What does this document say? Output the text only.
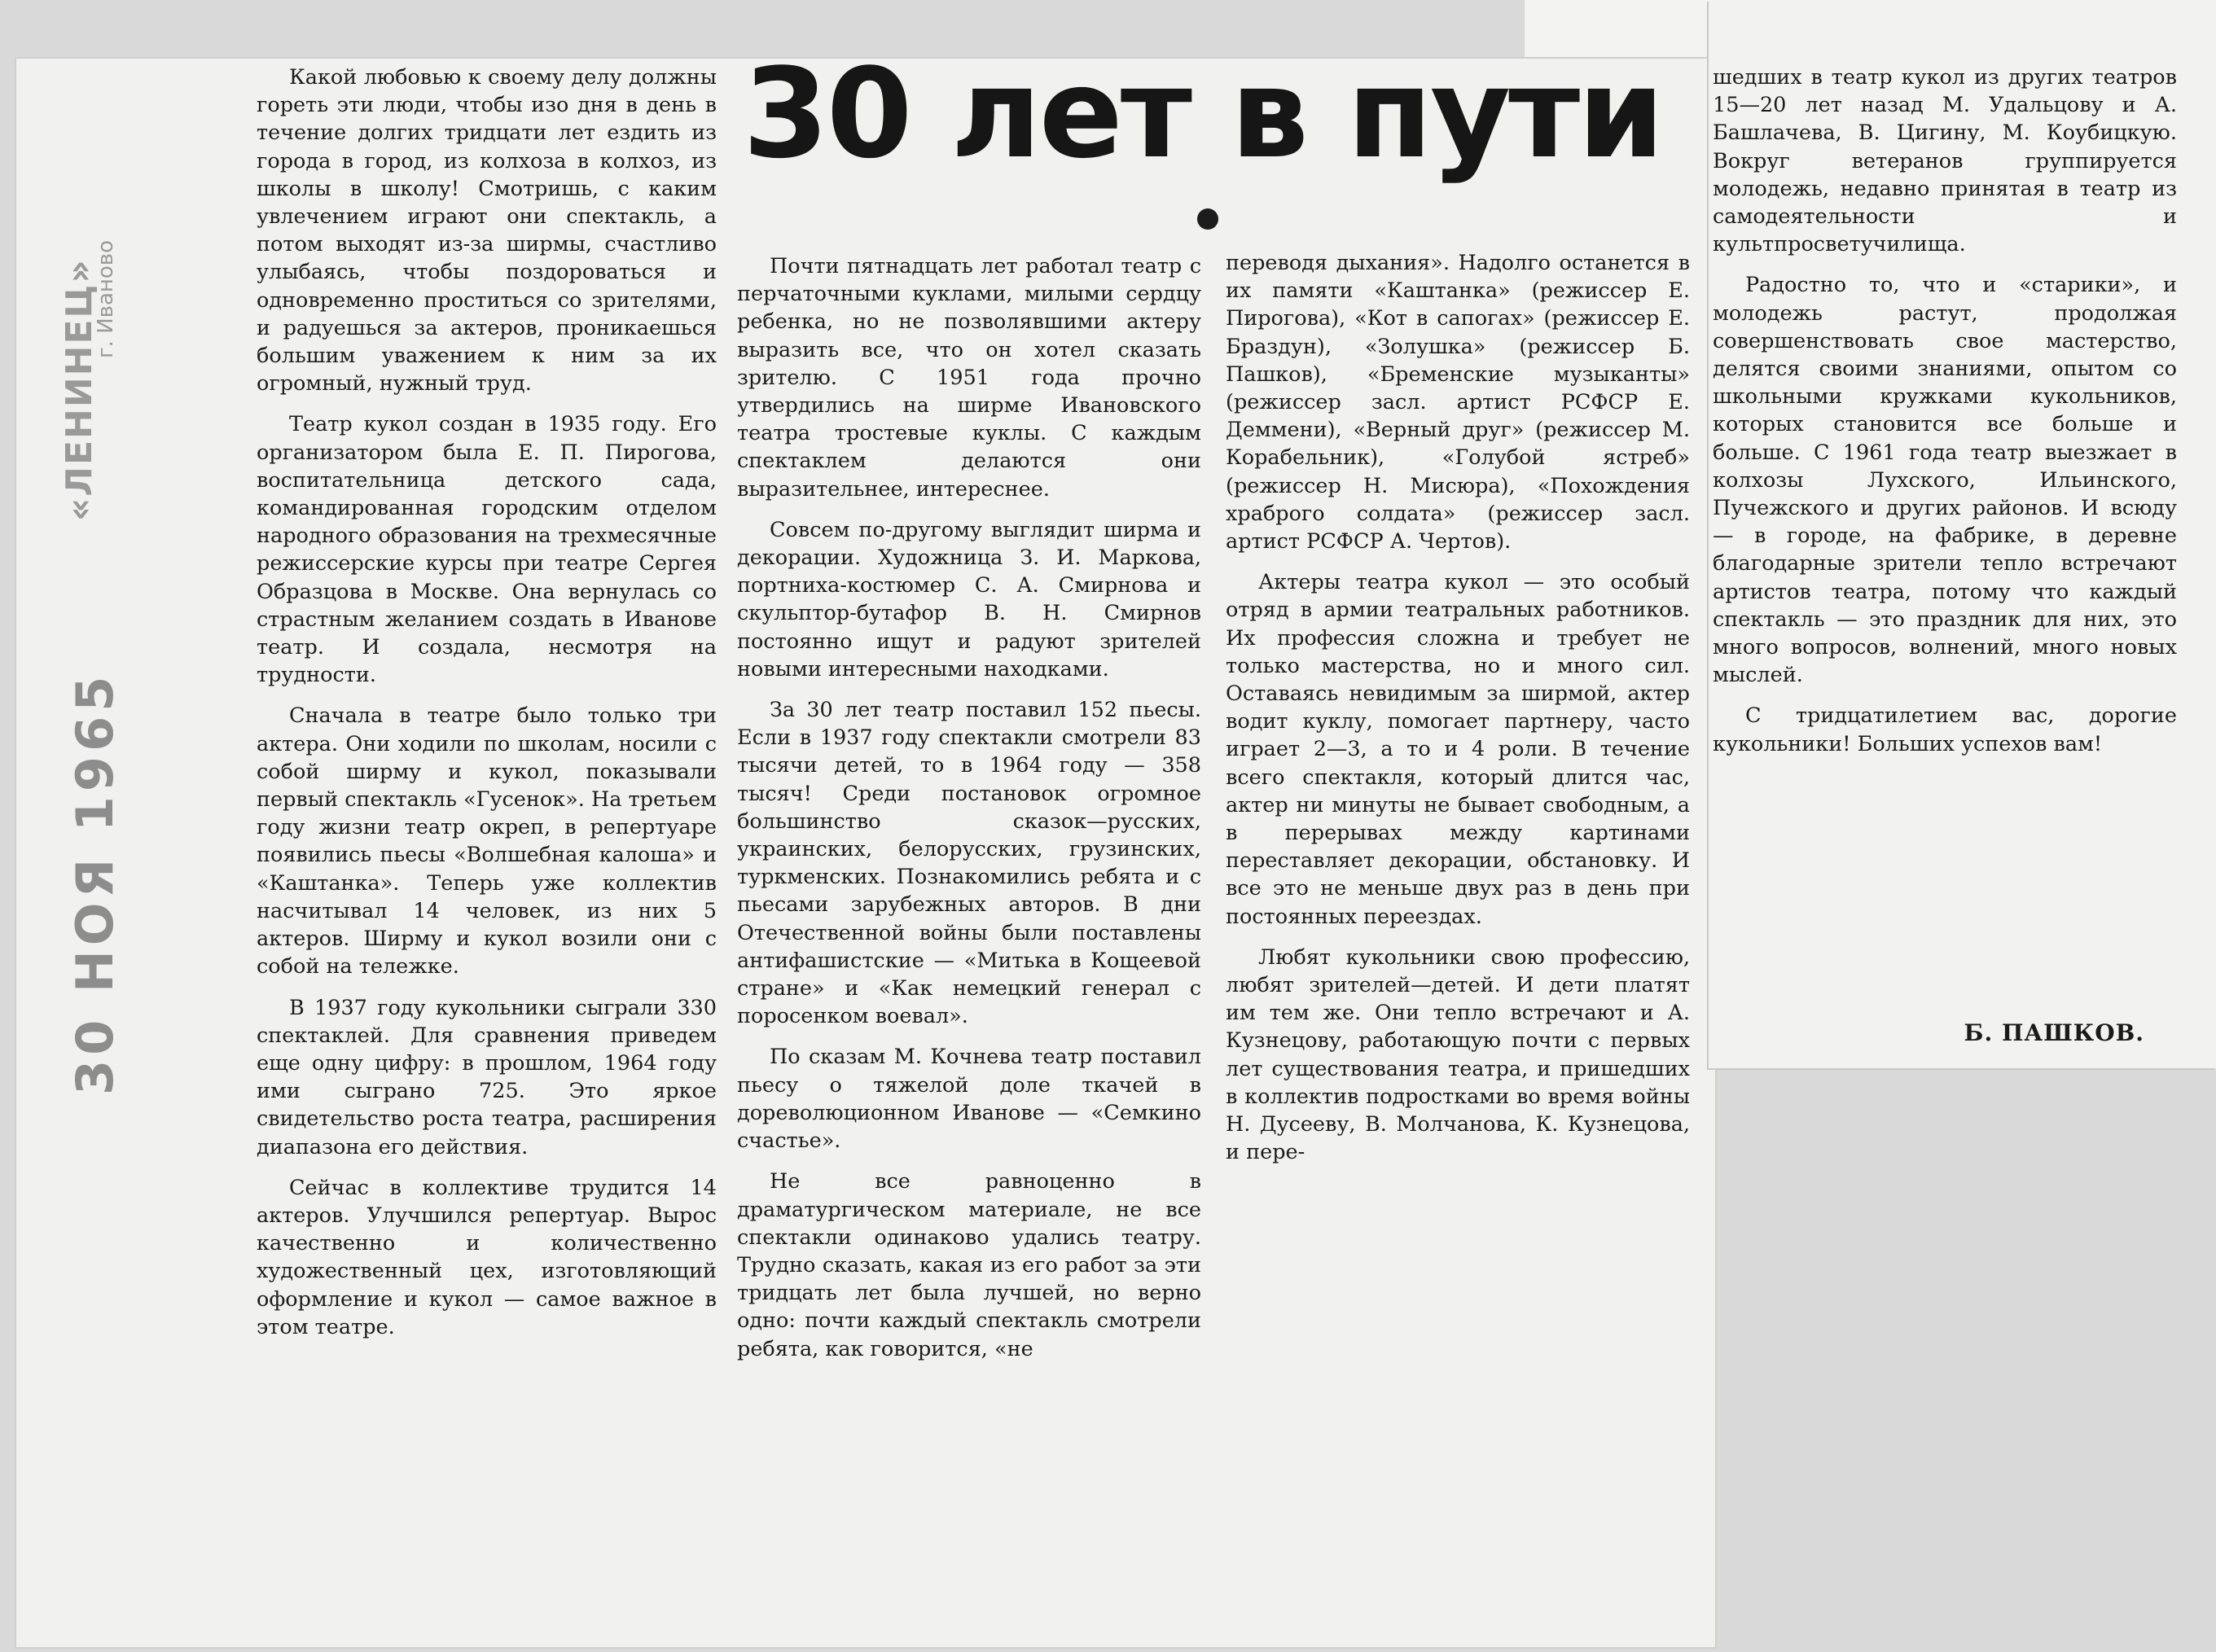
«ЛЕНИНЕЦ»
г. Иваново
30 НОЯ 1965
30 лет в пути

Какой любовью к своему делу должны гореть эти люди, чтобы изо дня в день в течение долгих тридцати лет ездить из города в город, из колхоза в колхоз, из школы в школу! Смотришь, с каким увлечением играют они спектакль, а потом выходят из-за ширмы, счастливо улыбаясь, чтобы поздороваться и одновременно проститься со зрителями, и радуешься за актеров, проникаешься большим уважением к ним за их огромный, нужный труд.

Театр кукол создан в 1935 году. Его организатором была Е. П. Пирогова, воспитательница детского сада, командированная городским отделом народного образования на трехмесячные режиссерские курсы при театре Сергея Образцова в Москве. Она вернулась со страстным желанием создать в Иванове театр. И создала, несмотря на трудности.

Сначала в театре было только три актера. Они ходили по школам, носили с собой ширму и кукол, показывали первый спектакль «Гусенок». На третьем году жизни театр окреп, в репертуаре появились пьесы «Волшебная калоша» и «Каштанка». Теперь уже коллектив насчитывал 14 человек, из них 5 актеров. Ширму и кукол возили они с собой на тележке.

В 1937 году кукольники сыграли 330 спектаклей. Для сравнения приведем еще одну цифру: в прошлом, 1964 году ими сыграно 725. Это яркое свидетельство роста театра, расширения диапазона его действия.

Сейчас в коллективе трудится 14 актеров. Улучшился репертуар. Вырос качественно и количественно художественный цех, изготовляющий оформление и кукол — самое важное в этом театре.

Почти пятнадцать лет работал театр с перчаточными куклами, милыми сердцу ребенка, но не позволявшими актеру выразить все, что он хотел сказать зрителю. С 1951 года прочно утвердились на ширме Ивановского театра тростевые куклы. С каждым спектаклем делаются они выразительнее, интереснее.

Совсем по-другому выглядит ширма и декорации. Художница З. И. Маркова, портниха-костюмер С. А. Смирнова и скульптор-бутафор В. Н. Смирнов постоянно ищут и радуют зрителей новыми интересными находками.

За 30 лет театр поставил 152 пьесы. Если в 1937 году спектакли смотрели 83 тысячи детей, то в 1964 году — 358 тысяч! Среди постановок огромное большинство сказок—русских, украинских, белорусских, грузинских, туркменских. Познакомились ребята и с пьесами зарубежных авторов. В дни Отечественной войны были поставлены антифашистские — «Митька в Кощеевой стране» и «Как немецкий генерал с поросенком воевал».

По сказам М. Кочнева театр поставил пьесу о тяжелой доле ткачей в дореволюционном Иванове — «Семкино счастье».

Не все равноценно в драматургическом материале, не все спектакли одинаково удались театру. Трудно сказать, какая из его работ за эти тридцать лет была лучшей, но верно одно: почти каждый спектакль смотрели ребята, как говорится, «не

переводя дыхания». Надолго останется в их памяти «Каштанка» (режиссер Е. Пирогова), «Кот в сапогах» (режиссер Е. Браздун), «Золушка» (режиссер Б. Пашков), «Бременские музыканты» (режиссер засл. артист РСФСР Е. Деммени), «Верный друг» (режиссер М. Корабельник), «Голубой ястреб» (режиссер Н. Мисюра), «Похождения храброго солдата» (режиссер засл. артист РСФСР А. Чертов).

Актеры театра кукол — это особый отряд в армии театральных работников. Их профессия сложна и требует не только мастерства, но и много сил. Оставаясь невидимым за ширмой, актер водит куклу, помогает партнеру, часто играет 2—3, а то и 4 роли. В течение всего спектакля, который длится час, актер ни минуты не бывает свободным, а в перерывах между картинами переставляет декорации, обстановку. И все это не меньше двух раз в день при постоянных переездах.

Любят кукольники свою профессию, любят зрителей—детей. И дети платят им тем же. Они тепло встречают и А. Кузнецову, работающую почти с первых лет существования театра, и пришедших в коллектив подростками во время войны Н. Дусееву, В. Молчанова, К. Кузнецова, и пере-

шедших в театр кукол из других театров 15—20 лет назад М. Удальцову и А. Башлачева, В. Цигину, М. Коубицкую. Вокруг ветеранов группируется молодежь, недавно принятая в театр из самодеятельности и культпросветучилища.

Радостно то, что и «старики», и молодежь растут, продолжая совершенствовать свое мастерство, делятся своими знаниями, опытом со школьными кружками кукольников, которых становится все больше и больше. С 1961 года театр выезжает в колхозы Лухского, Ильинского, Пучежского и других районов. И всюду — в городе, на фабрике, в деревне благодарные зрители тепло встречают артистов театра, потому что каждый спектакль — это праздник для них, это много вопросов, волнений, много новых мыслей.

С тридцатилетием вас, дорогие кукольники! Больших успехов вам!

Б. ПАШКОВ.
